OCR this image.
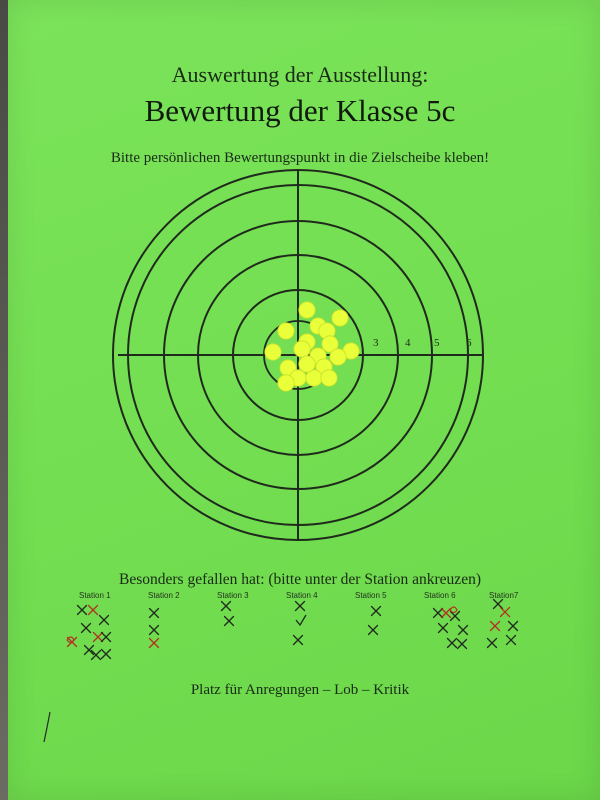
Auswertung der Ausstellung:
Bewertung der Klasse 5c
Bitte persönlichen Bewertungspunkt in die Zielscheibe kleben!
3 4 5 6
Besonders gefallen hat: (bitte unter der Station ankreuzen)
Station 1	Station 2	Station 3	Station 4	Station 5	Station 6	Station7
Platz für Anregungen – Lob – Kritik
